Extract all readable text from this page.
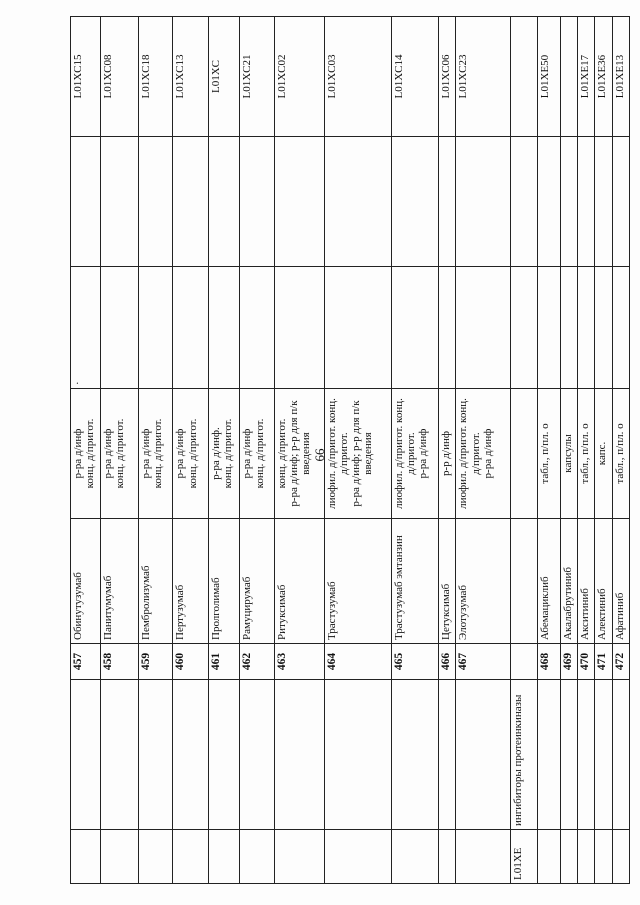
66
		457	Обинутузумаб	р-ра д/инф конц. д/пригот.	·		L01XC15
		458	Панитумумаб	р-ра д/инф конц. д/пригот.			L01XC08
		459	Пембролизумаб	р-ра д/инф конц. д/пригот.			L01XC18
		460	Пертузумаб	р-ра д/инф конц. д/пригот.			L01XC13
		461	Пролголимаб	р-ра д/инф. конц. д/пригот.			L01XC
		462	Рамуцирумаб	р-ра д/инф конц. д/пригот.			L01XC21
		463	Ритуксимаб	конц. д/пригот. р-ра д/инф; р-р для п/к введения			L01XC02
		464	Трастузумаб	лиофил. д/пригот. конц. д/пригот. р-ра д/инф; р-р для п/к введения			L01XC03
		465	Трастузумаб эмтанзин	лиофил. д/пригот. конц. д/пригот. р-ра д/инф			L01XC14
		466	Цетуксимаб	р-р д/инф			L01XC06
		467	Элотузумаб	лиофил. д/пригот. конц. д/пригот. р-ра д/инф			L01XC23
L01XE	ингибиторы протеинкиназы						
		468	Абемациклиб	табл., п/пл. о			L01XE50
		469	Акалабрутиниб	капсулы			

		470	Акситиниб	табл., п/пл. о			L01XE17
		471	Алектиниб	капс.			L01XE36
		472	Афатиниб	табл., п/пл. о			L01XE13
